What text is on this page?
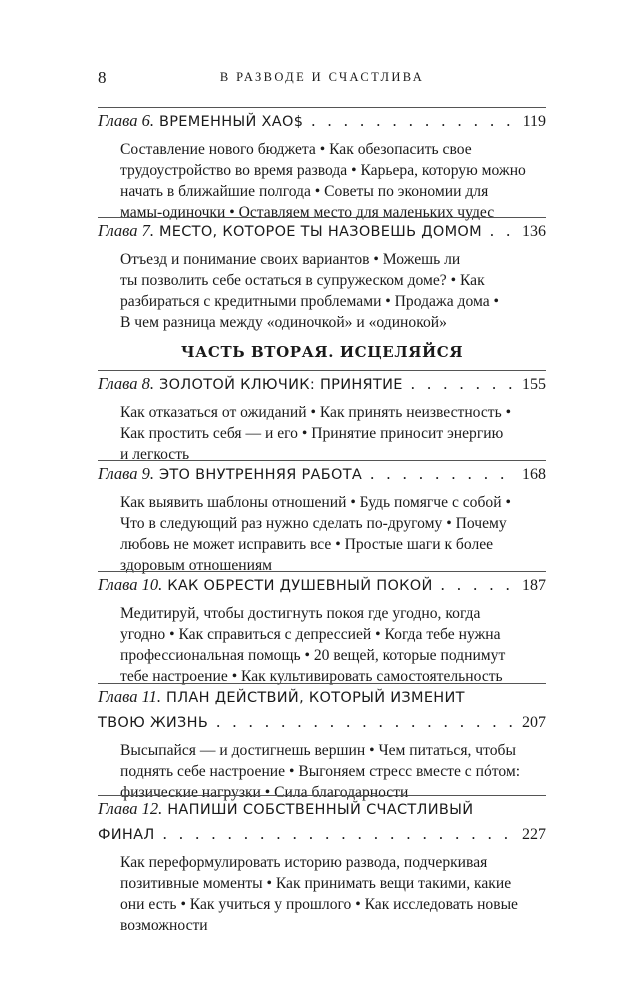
8	В РАЗВОДЕ И СЧАСТЛИВА
Глава 6. ВРЕМЕННЫЙ ХАО$ . . .	119

Составление нового бюджета • Как обезопасить свое

трудоустройство во время развода • Карьера, которую можно

начать в ближайшие полгода • Советы по экономии для

мамы-одиночки • Оставляем место для маленьких чудес

Глава 7. МЕСТО, КОТОРОЕ ТЫ НАЗОВЕШЬ ДОМОМ . . .	136

Отъезд и понимание своих вариантов • Можешь ли

ты позволить себе остаться в супружеском доме? • Как

разбираться с кредитными проблемами • Продажа дома •

В чем разница между «одиночкой» и «одинокой»

ЧАСТЬ ВТОРАЯ. ИСЦЕЛЯЙСЯ
Глава 8. ЗОЛОТОЙ КЛЮЧИК: ПРИНЯТИЕ . . .	155

Как отказаться от ожиданий • Как принять неизвестность •

Как простить себя — и его • Принятие приносит энергию

и легкость

Глава 9. ЭТО ВНУТРЕННЯЯ РАБОТА . . .	168

Как выявить шаблоны отношений • Будь помягче с собой •

Что в следующий раз нужно сделать по-другому • Почему

любовь не может исправить все • Простые шаги к более

здоровым отношениям

Глава 10. КАК ОБРЕСТИ ДУШЕВНЫЙ ПОКОЙ . . .	187

Медитируй, чтобы достигнуть покоя где угодно, когда

угодно • Как справиться с депрессией • Когда тебе нужна

профессиональная помощь • 20 вещей, которые поднимут

тебе настроение • Как культивировать самостоятельность

Глава 11. ПЛАН ДЕЙСТВИЙ, КОТОРЫЙ ИЗМЕНИТ
ТВОЮ ЖИЗНЬ . . .	207

Высыпайся — и достигнешь вершин • Чем питаться, чтобы

поднять себе настроение • Выгоняем стресс вместе с пóтом:

физические нагрузки • Сила благодарности

Глава 12. НАПИШИ СОБСТВЕННЫЙ СЧАСТЛИВЫЙ
ФИНАЛ . . .	227

Как переформулировать историю развода, подчеркивая

позитивные моменты • Как принимать вещи такими, какие

они есть • Как учиться у прошлого • Как исследовать новые

возможности
